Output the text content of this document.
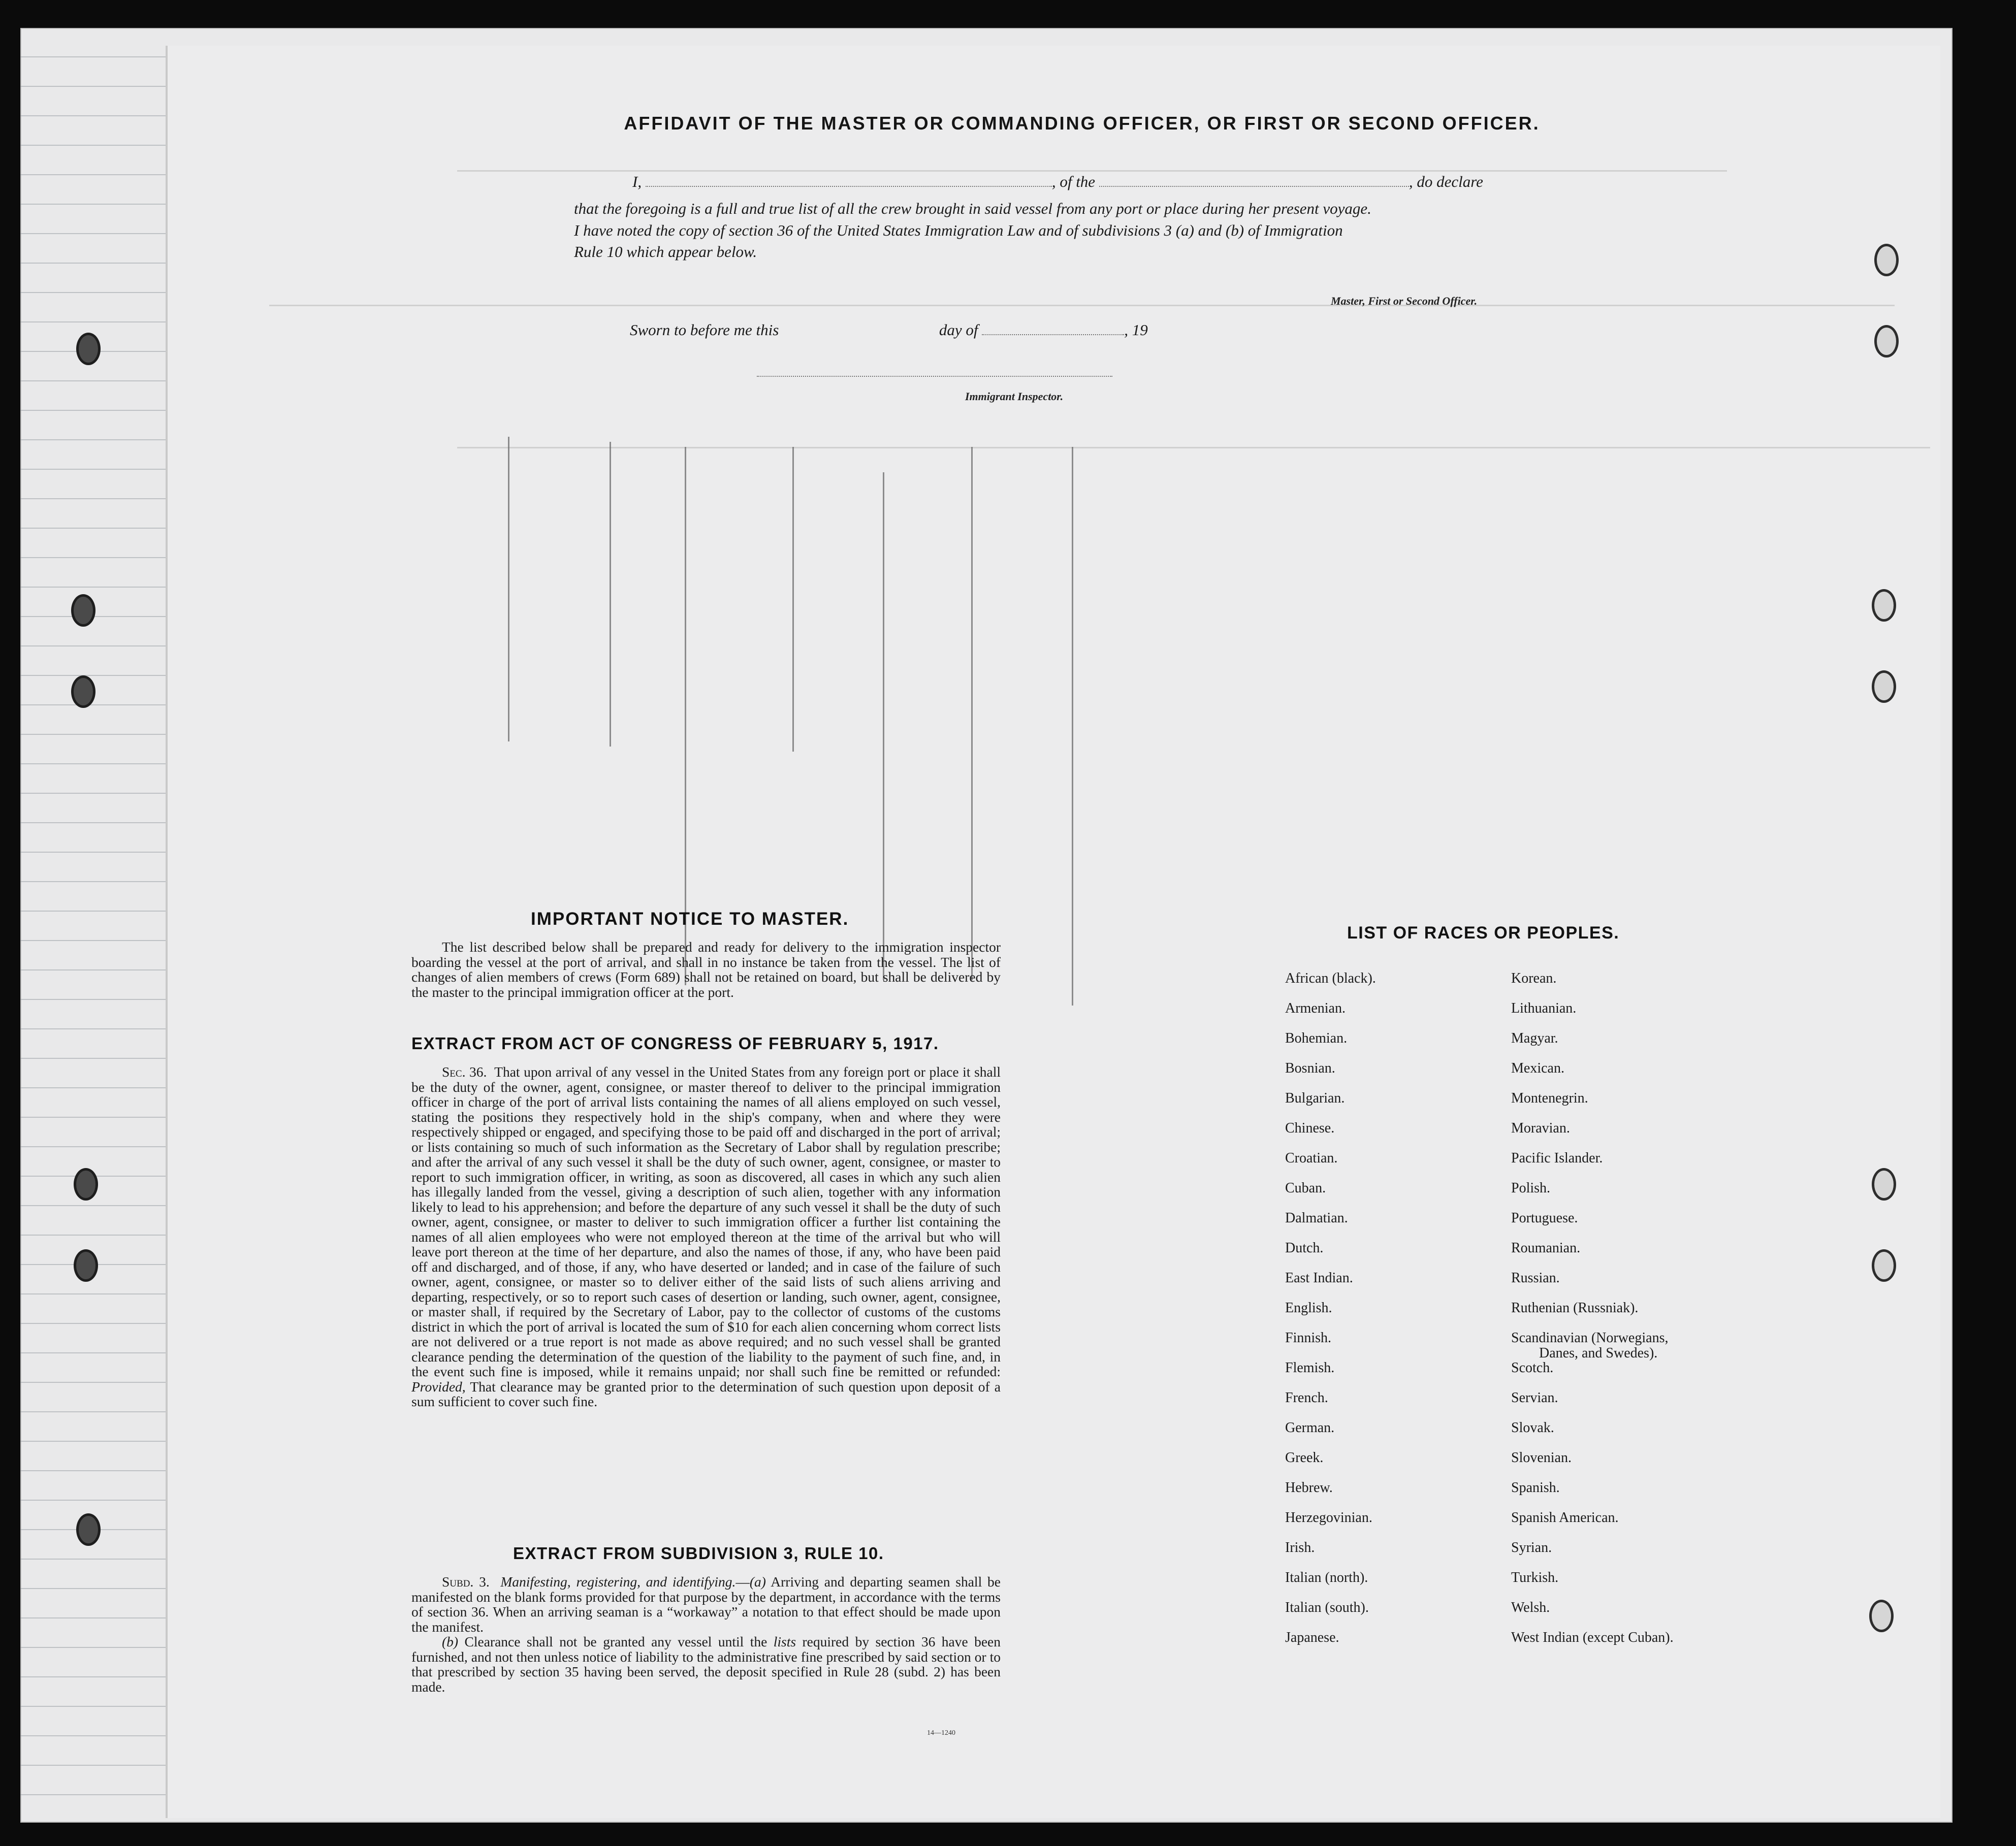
AFFIDAVIT OF THE MASTER OR COMMANDING OFFICER, OR FIRST OR SECOND OFFICER.
I,	, of the	, do declare
that the foregoing is a full and true list of all the crew brought in said vessel from any port or place during her present voyage.
I have noted the copy of section 36 of the United States Immigration Law and of subdivisions 3 (a) and (b) of Immigration
Rule 10 which appear below.
Master, First or Second Officer.
Sworn to before me this	day of	, 19
Immigrant Inspector.
IMPORTANT NOTICE TO MASTER.

The list described below shall be prepared and ready for delivery to the immigration inspector boarding the vessel at the port of arrival, and shall in no instance be taken from the vessel. The list of changes of alien members of crews (Form 689) shall not be retained on board, but shall be delivered by the master to the principal immigration officer at the port.

EXTRACT FROM ACT OF CONGRESS OF FEBRUARY 5, 1917.

Sec. 36. That upon arrival of any vessel in the United States from any foreign port or place it shall be the duty of the owner, agent, consignee, or master thereof to deliver to the principal immigration officer in charge of the port of arrival lists containing the names of all aliens employed on such vessel, stating the positions they respectively hold in the ship's company, when and where they were respectively shipped or engaged, and specifying those to be paid off and discharged in the port of arrival; or lists containing so much of such information as the Secretary of Labor shall by regulation prescribe; and after the arrival of any such vessel it shall be the duty of such owner, agent, consignee, or master to report to such immigration officer, in writing, as soon as discovered, all cases in which any such alien has illegally landed from the vessel, giving a description of such alien, together with any information likely to lead to his apprehension; and before the departure of any such vessel it shall be the duty of such owner, agent, consignee, or master to deliver to such immigration officer a further list containing the names of all alien employees who were not employed thereon at the time of the arrival but who will leave port thereon at the time of her departure, and also the names of those, if any, who have been paid off and discharged, and of those, if any, who have deserted or landed; and in case of the failure of such owner, agent, consignee, or master so to deliver either of the said lists of such aliens arriving and departing, respectively, or so to report such cases of desertion or landing, such owner, agent, consignee, or master shall, if required by the Secretary of Labor, pay to the collector of customs of the customs district in which the port of arrival is located the sum of $10 for each alien concerning whom correct lists are not delivered or a true report is not made as above required; and no such vessel shall be granted clearance pending the determination of the question of the liability to the payment of such fine, and, in the event such fine is imposed, while it remains unpaid; nor shall such fine be remitted or refunded: Provided, That clearance may be granted prior to the determination of such question upon deposit of a sum sufficient to cover such fine.

EXTRACT FROM SUBDIVISION 3, RULE 10.

Subd. 3. Manifesting, registering, and identifying.—(a) Arriving and departing seamen shall be manifested on the blank forms provided for that purpose by the department, in accordance with the terms of section 36. When an arriving seaman is a “workaway” a notation to that effect should be made upon the manifest.

(b) Clearance shall not be granted any vessel until the lists required by section 36 have been furnished, and not then unless notice of liability to the administrative fine prescribed by said section or to that prescribed by section 35 having been served, the deposit specified in Rule 28 (subd. 2) has been made.

14—1240
LIST OF RACES OR PEOPLES.
African (black).
Armenian.
Bohemian.
Bosnian.
Bulgarian.
Chinese.
Croatian.
Cuban.
Dalmatian.
Dutch.
East Indian.
English.
Finnish.
Flemish.
French.
German.
Greek.
Hebrew.
Herzegovinian.
Irish.
Italian (north).
Italian (south).
Japanese.
Korean.
Lithuanian.
Magyar.
Mexican.
Montenegrin.
Moravian.
Pacific Islander.
Polish.
Portuguese.
Roumanian.
Russian.
Ruthenian (Russniak).
Scandinavian (Norwegians,
Danes, and Swedes).
Scotch.
Servian.
Slovak.
Slovenian.
Spanish.
Spanish American.
Syrian.
Turkish.
Welsh.
West Indian (except Cuban).
